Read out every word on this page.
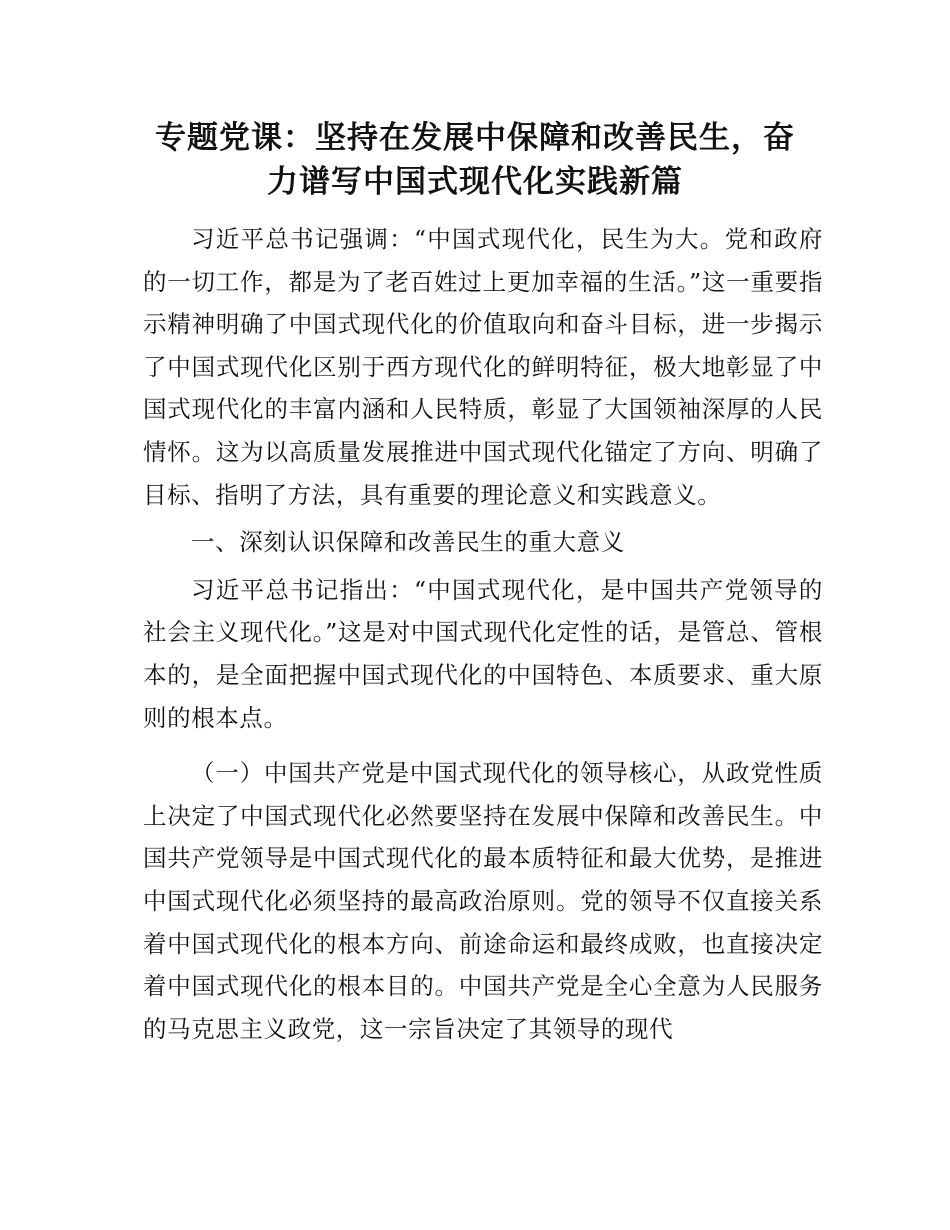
专题党课：坚持在发展中保障和改善民生，奋
力谱写中国式现代化实践新篇

习近平总书记强调：“中国式现代化，民生为大。党和政府的一切工作，都是为了老百姓过上更加幸福的生活。”这一重要指示精神明确了中国式现代化的价值取向和奋斗目标，进一步揭示了中国式现代化区别于西方现代化的鲜明特征，极大地彰显了中国式现代化的丰富内涵和人民特质，彰显了大国领袖深厚的人民情怀。这为以高质量发展推进中国式现代化锚定了方向、明确了目标、指明了方法，具有重要的理论意义和实践意义。

一、深刻认识保障和改善民生的重大意义

习近平总书记指出：“中国式现代化，是中国共产党领导的社会主义现代化。”这是对中国式现代化定性的话，是管总、管根本的，是全面把握中国式现代化的中国特色、本质要求、重大原则的根本点。

（一）中国共产党是中国式现代化的领导核心，从政党性质上决定了中国式现代化必然要坚持在发展中保障和改善民生。中国共产党领导是中国式现代化的最本质特征和最大优势，是推进中国式现代化必须坚持的最高政治原则。党的领导不仅直接关系着中国式现代化的根本方向、前途命运和最终成败，也直接决定着中国式现代化的根本目的。中国共产党是全心全意为人民服务的马克思主义政党，这一宗旨决定了其领导的现代
